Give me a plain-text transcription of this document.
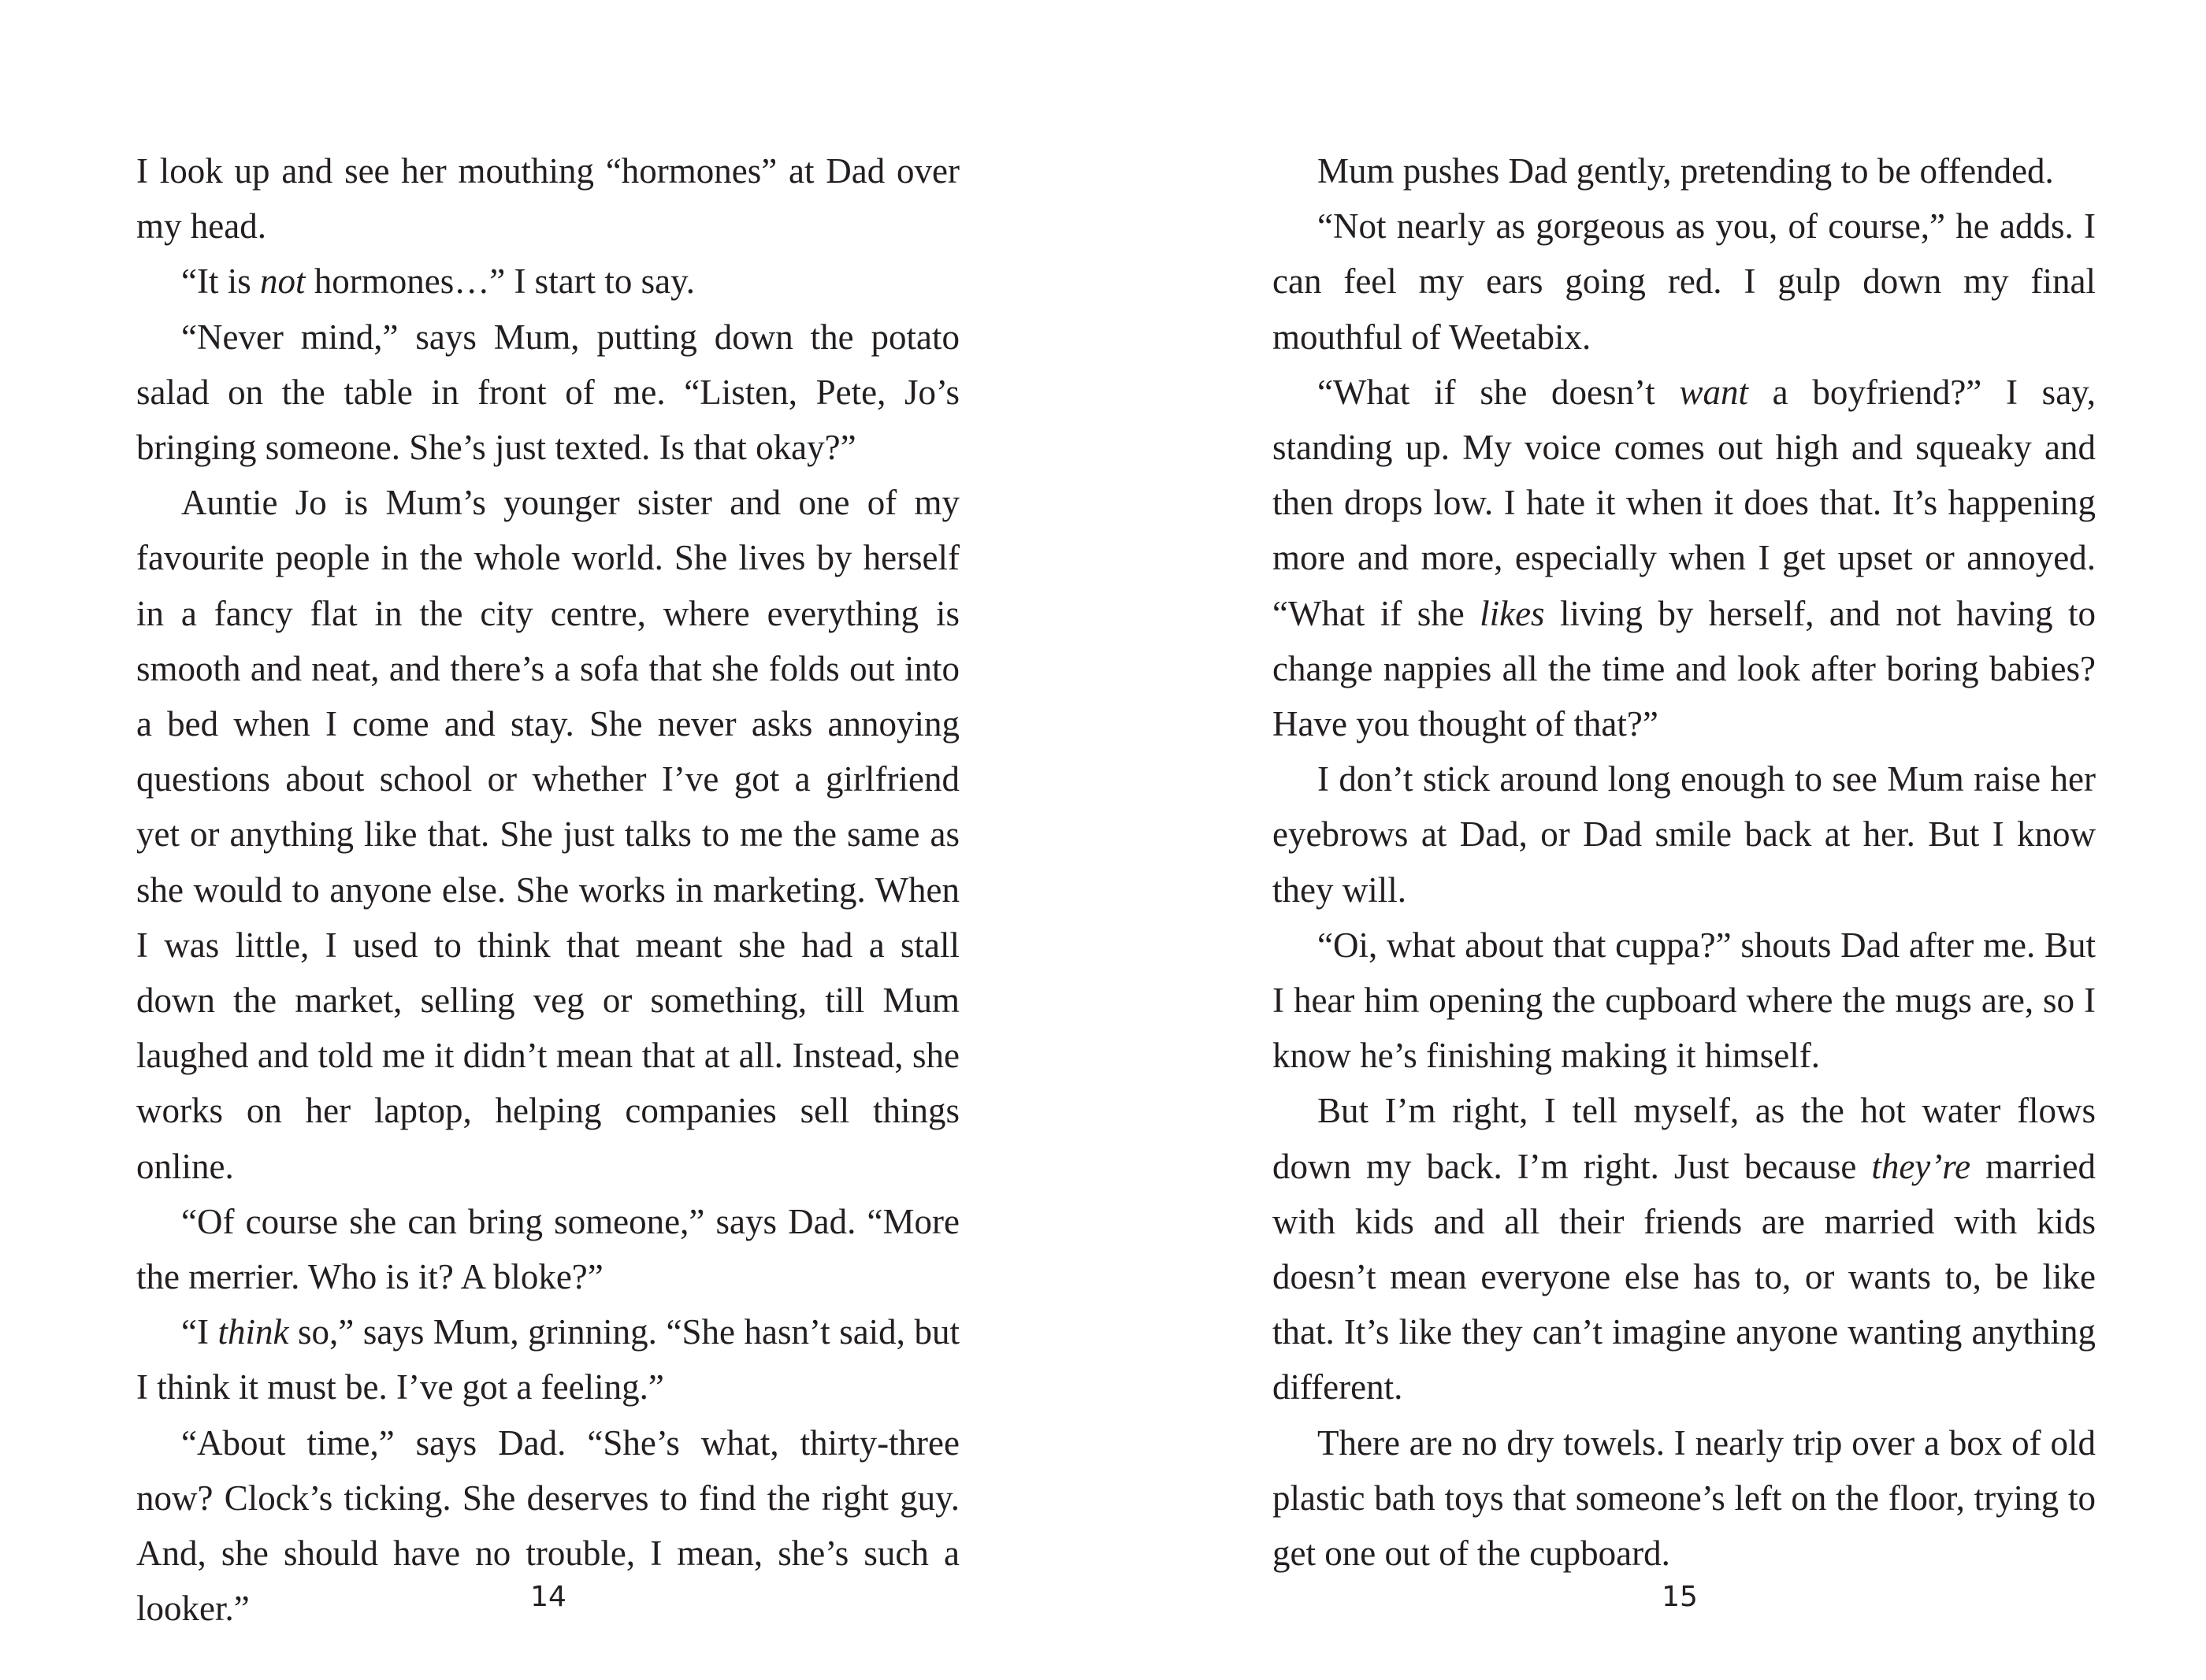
I look up and see her mouthing “hormones” at Dad over my head.

“It is not hormones…” I start to say.

“Never mind,” says Mum, putting down the potato salad on the table in front of me. “Listen, Pete, Jo’s bringing someone. She’s just texted. Is that okay?”

Auntie Jo is Mum’s younger sister and one of my favourite people in the whole world. She lives by herself in a fancy flat in the city centre, where everything is smooth and neat, and there’s a sofa that she folds out into a bed when I come and stay. She never asks annoying questions about school or whether I’ve got a girlfriend yet or anything like that. She just talks to me the same as she would to anyone else. She works in marketing. When I was little, I used to think that meant she had a stall down the market, selling veg or something, till Mum laughed and told me it didn’t mean that at all. Instead, she works on her laptop, helping companies sell things online.

“Of course she can bring someone,” says Dad. “More the merrier. Who is it? A bloke?”

“I think so,” says Mum, grinning. “She hasn’t said, but I think it must be. I’ve got a feeling.”

“About time,” says Dad. “She’s what, thirty-three now? Clock’s ticking. She deserves to find the right guy. And, she should have no trouble, I mean, she’s such a looker.”	14

Mum pushes Dad gently, pretending to be offended.

“Not nearly as gorgeous as you, of course,” he adds. I can feel my ears going red. I gulp down my final mouthful of Weetabix.

“What if she doesn’t want a boyfriend?” I say, standing up. My voice comes out high and squeaky and then drops low. I hate it when it does that. It’s happening more and more, especially when I get upset or annoyed. “What if she likes living by herself, and not having to change nappies all the time and look after boring babies? Have you thought of that?”

I don’t stick around long enough to see Mum raise her eyebrows at Dad, or Dad smile back at her. But I know they will.

“Oi, what about that cuppa?” shouts Dad after me. But I hear him opening the cupboard where the mugs are, so I know he’s finishing making it himself.

But I’m right, I tell myself, as the hot water flows down my back. I’m right. Just because they’re married with kids and all their friends are married with kids doesn’t mean everyone else has to, or wants to, be like that. It’s like they can’t imagine anyone wanting anything different.

There are no dry towels. I nearly trip over a box of old plastic bath toys that someone’s left on the floor, trying to get one out of the cupboard.

15
